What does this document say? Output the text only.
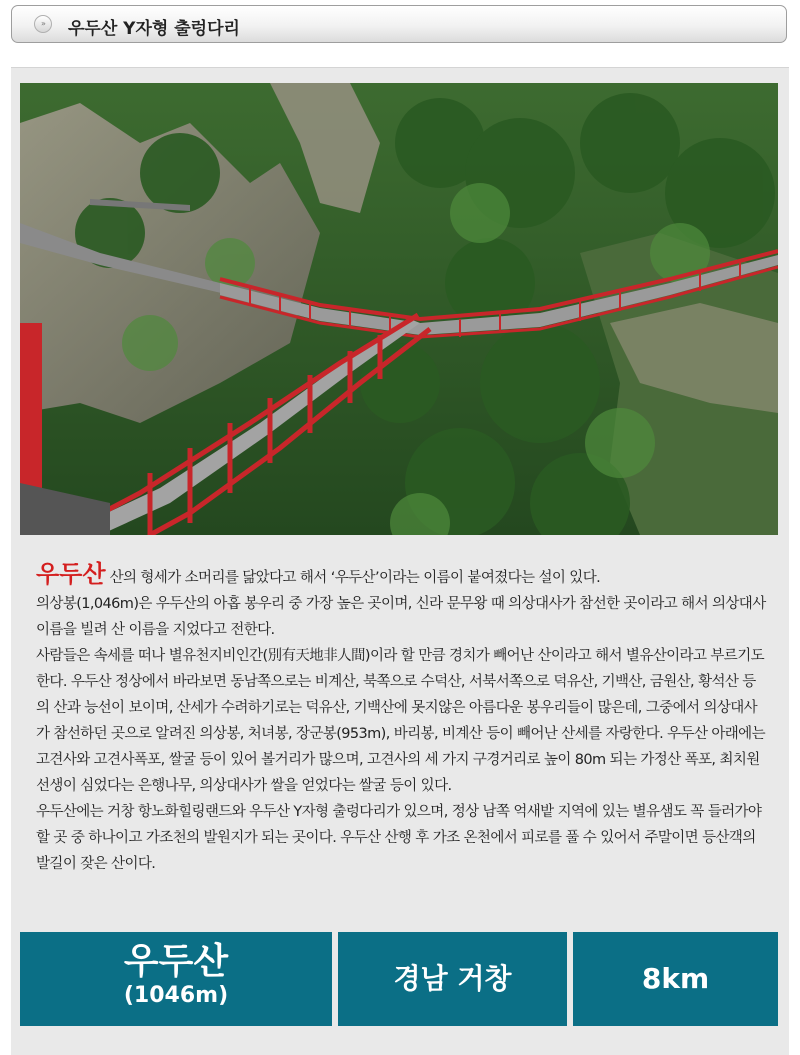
»	우두산 Y자형 출렁다리

우두산 산의 형세가 소머리를 닮았다고 해서 ‘우두산’이라는 이름이 붙여졌다는 설이 있다.

의상봉(1,046m)은 우두산의 아홉 봉우리 중 가장 높은 곳이며, 신라 문무왕 때 의상대사가 참선한 곳이라고 해서 의상대사 이름을 빌려 산 이름을 지었다고 전한다.

사람들은 속세를 떠나 별유천지비인간(別有天地非人間)이라 할 만큼 경치가 빼어난 산이라고 해서 별유산이라고 부르기도 한다. 우두산 정상에서 바라보면 동남쪽으로는 비계산, 북쪽으로 수덕산, 서북서쪽으로 덕유산, 기백산, 금원산, 황석산 등의 산과 능선이 보이며, 산세가 수려하기로는 덕유산, 기백산에 못지않은 아름다운 봉우리들이 많은데, 그중에서 의상대사가 참선하던 곳으로 알려진 의상봉, 처녀봉, 장군봉(953m), 바리봉, 비계산 등이 빼어난 산세를 자랑한다. 우두산 아래에는 고견사와 고견사폭포, 쌀굴 등이 있어 볼거리가 많으며, 고견사의 세 가지 구경거리로 높이 80m 되는 가정산 폭포, 최치원 선생이 심었다는 은행나무, 의상대사가 쌀을 얻었다는 쌀굴 등이 있다.

우두산에는 거창 항노화힐링랜드와 우두산 Y자형 출렁다리가 있으며, 정상 남쪽 억새밭 지역에 있는 별유샘도 꼭 들러가야 할 곳 중 하나이고 가조천의 발원지가 되는 곳이다. 우두산 산행 후 가조 온천에서 피로를 풀 수 있어서 주말이면 등산객의 발길이 잦은 산이다.

우두산
(1046m)
경남 거창	8km
